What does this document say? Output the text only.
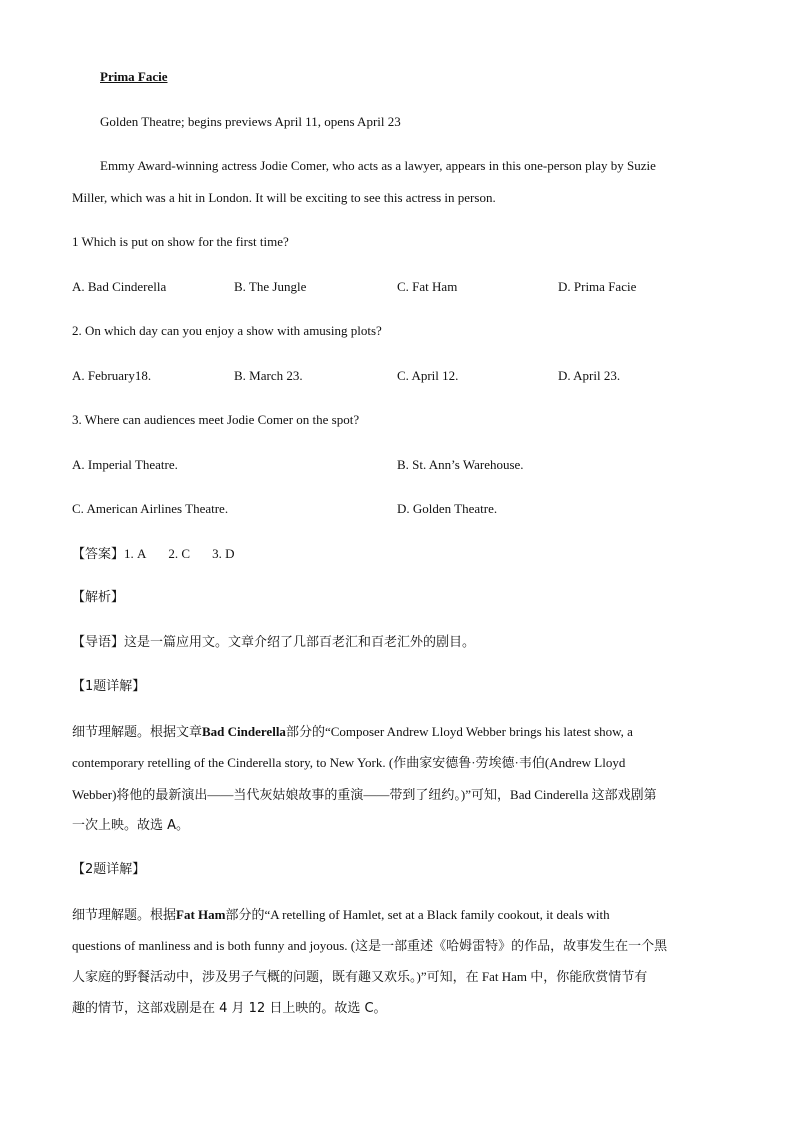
Prima Facie
Golden Theatre; begins previews April 11, opens April 23
Emmy Award-winning actress Jodie Comer, who acts as a lawyer, appears in this one-person play by Suzie
Miller, which was a hit in London. It will be exciting to see this actress in person.
1 Which is put on show for the first time?
A. Bad Cinderella	B. The Jungle	C. Fat Ham	D. Prima Facie
2. On which day can you enjoy a show with amusing plots?
A. February18.	B. March 23.	C. April 12.	D. April 23.
3. Where can audiences meet Jodie Comer on the spot?
A. Imperial Theatre.	B. St. Ann’s Warehouse.
C. American Airlines Theatre.	D. Golden Theatre.
【答案】1. A 2. C 3. D
【解析】
【导语】这是一篇应用文。文章介绍了几部百老汇和百老汇外的剧目。
【1题详解】
细节理解题。根据文章Bad Cinderella部分的“Composer Andrew Lloyd Webber brings his latest show, a
contemporary retelling of the Cinderella story, to New York. (作曲家安德鲁·劳埃德·韦伯(Andrew Lloyd
Webber)将他的最新演出——当代灰姑娘故事的重演——带到了纽约。)”可知，Bad Cinderella 这部戏剧第
一次上映。故选 A。
【2题详解】
细节理解题。根据Fat Ham部分的“A retelling of Hamlet, set at a Black family cookout, it deals with
questions of manliness and is both funny and joyous. (这是一部重述《哈姆雷特》的作品，故事发生在一个黑
人家庭的野餐活动中，涉及男子气概的问题，既有趣又欢乐。)”可知，在 Fat Ham 中，你能欣赏情节有
趣的情节，这部戏剧是在 4 月 12 日上映的。故选 C。
